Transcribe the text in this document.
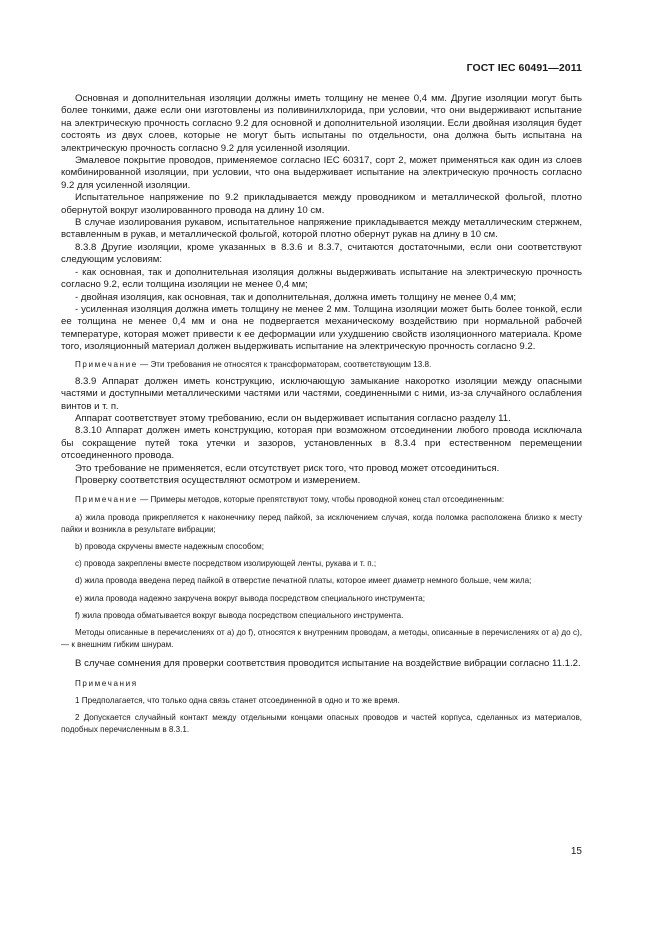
ГОСТ IEC 60491—2011

Основная и дополнительная изоляции должны иметь толщину не менее 0,4 мм. Другие изоляции могут быть более тонкими, даже если они изготовлены из поливинилхлорида, при условии, что они выдерживают испытание на электрическую прочность согласно 9.2 для основной и дополнительной изоляции. Если двойная изоляция будет состоять из двух слоев, которые не могут быть испытаны по отдельности, она должна быть испытана на электрическую прочность согласно 9.2 для усиленной изоляции.

Эмалевое покрытие проводов, применяемое согласно IEC 60317, сорт 2, может применяться как один из слоев комбинированной изоляции, при условии, что она выдерживает испытание на электрическую прочность согласно 9.2 для усиленной изоляции.

Испытательное напряжение по 9.2 прикладывается между проводником и металлической фольгой, плотно обернутой вокруг изолированного провода на длину 10 см.

В случае изолирования рукавом, испытательное напряжение прикладывается между металлическим стержнем, вставленным в рукав, и металлической фольгой, которой плотно обернут рукав на длину в 10 см.

8.3.8 Другие изоляции, кроме указанных в 8.3.6 и 8.3.7, считаются достаточными, если они соответствуют следующим условиям:

- как основная, так и дополнительная изоляция должны выдерживать испытание на электрическую прочность согласно 9.2, если толщина изоляции не менее 0,4 мм;

- двойная изоляция, как основная, так и дополнительная, должна иметь толщину не менее 0,4 мм;

- усиленная изоляция должна иметь толщину не менее 2 мм. Толщина изоляции может быть более тонкой, если ее толщина не менее 0,4 мм и она не подвергается механическому воздействию при нормальной рабочей температуре, которая может привести к ее деформации или ухудшению свойств изоляционного материала. Кроме того, изоляционный материал должен выдерживать испытание на электрическую прочность согласно 9.2.

Примечание — Эти требования не относятся к трансформаторам, соответствующим 13.8.

8.3.9 Аппарат должен иметь конструкцию, исключающую замыкание накоротко изоляции между опасными частями и доступными металлическими частями или частями, соединенными с ними, из-за случайного ослабления винтов и т. п.

Аппарат соответствует этому требованию, если он выдерживает испытания согласно разделу 11.

8.3.10 Аппарат должен иметь конструкцию, которая при возможном отсоединении любого провода исключала бы сокращение путей тока утечки и зазоров, установленных в 8.3.4 при естественном перемещении отсоединенного провода.

Это требование не применяется, если отсутствует риск того, что провод может отсоединиться.

Проверку соответствия осуществляют осмотром и измерением.

Примечание — Примеры методов, которые препятствуют тому, чтобы проводной конец стал отсоединенным:

а) жила провода прикрепляется к наконечнику перед пайкой, за исключением случая, когда поломка расположена близко к месту пайки и возникла в результате вибрации;

b) провода скручены вместе надежным способом;

с) провода закреплены вместе посредством изолирующей ленты, рукава и т. п.;

d) жила провода введена перед пайкой в отверстие печатной платы, которое имеет диаметр немного больше, чем жила;

е) жила провода надежно закручена вокруг вывода посредством специального инструмента;

f) жила провода обматывается вокруг вывода посредством специального инструмента.

Методы описанные в перечислениях от а) до f), относятся к внутренним проводам, а методы, описанные в перечислениях от а) до с), — к внешним гибким шнурам.

В случае сомнения для проверки соответствия проводится испытание на воздействие вибрации согласно 11.1.2.

Примечания

1 Предполагается, что только одна связь станет отсоединенной в одно и то же время.

2 Допускается случайный контакт между отдельными концами опасных проводов и частей корпуса, сделанных из материалов, подобных перечисленным в 8.3.1.

15
